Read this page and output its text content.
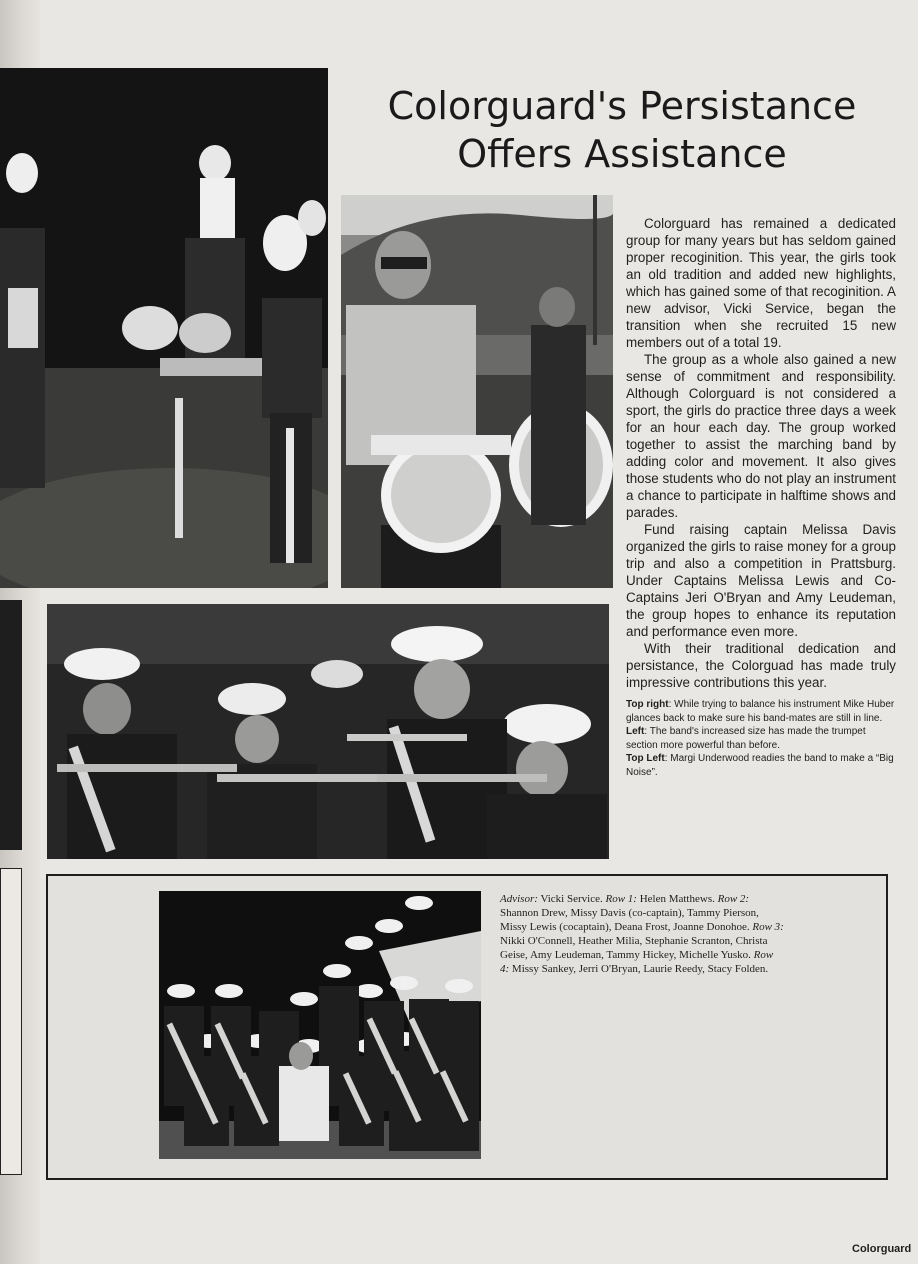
Colorguard's Persistance
Offers Assistance

Colorguard has remained a dedicated group for many years but has seldom gained proper recoginition. This year, the girls took an old tradition and added new highlights, which has gained some of that recoginition. A new advisor, Vicki Service, began the transition when she recruited 15 new members out of a total 19.

The group as a whole also gained a new sense of commitment and responsibility. Although Colorguard is not considered a sport, the girls do practice three days a week for an hour each day. The group worked together to assist the marching band by adding color and movement. It also gives those students who do not play an instrument a chance to participate in halftime shows and parades.

Fund raising captain Melissa Davis organized the girls to raise money for a group trip and also a competition in Prattsburg. Under Captains Melissa Lewis and Co-Captains Jeri O'Bryan and Amy Leudeman, the group hopes to enhance its reputation and performance even more.

With their traditional dedication and persistance, the Colorguad has made truly impressive contributions this year.

Top right: While trying to balance his instrument Mike Huber glances back to make sure his band-mates are still in line.

Left: The band's increased size has made the trumpet section more powerful than before.

Top Left: Margi Underwood readies the band to make a “Big Noise”.

Advisor: Vicki Service. Row 1: Helen Matthews. Row 2: Shannon Drew, Missy Davis (co-captain), Tammy Pierson, Missy Lewis (cocaptain), Deana Frost, Joanne Donohoe. Row 3: Nikki O'Connell, Heather Milia, Stephanie Scranton, Christa Geise, Amy Leudeman, Tammy Hickey, Michelle Yusko. Row 4: Missy Sankey, Jerri O'Bryan, Laurie Reedy, Stacy Folden.
Colorguard
